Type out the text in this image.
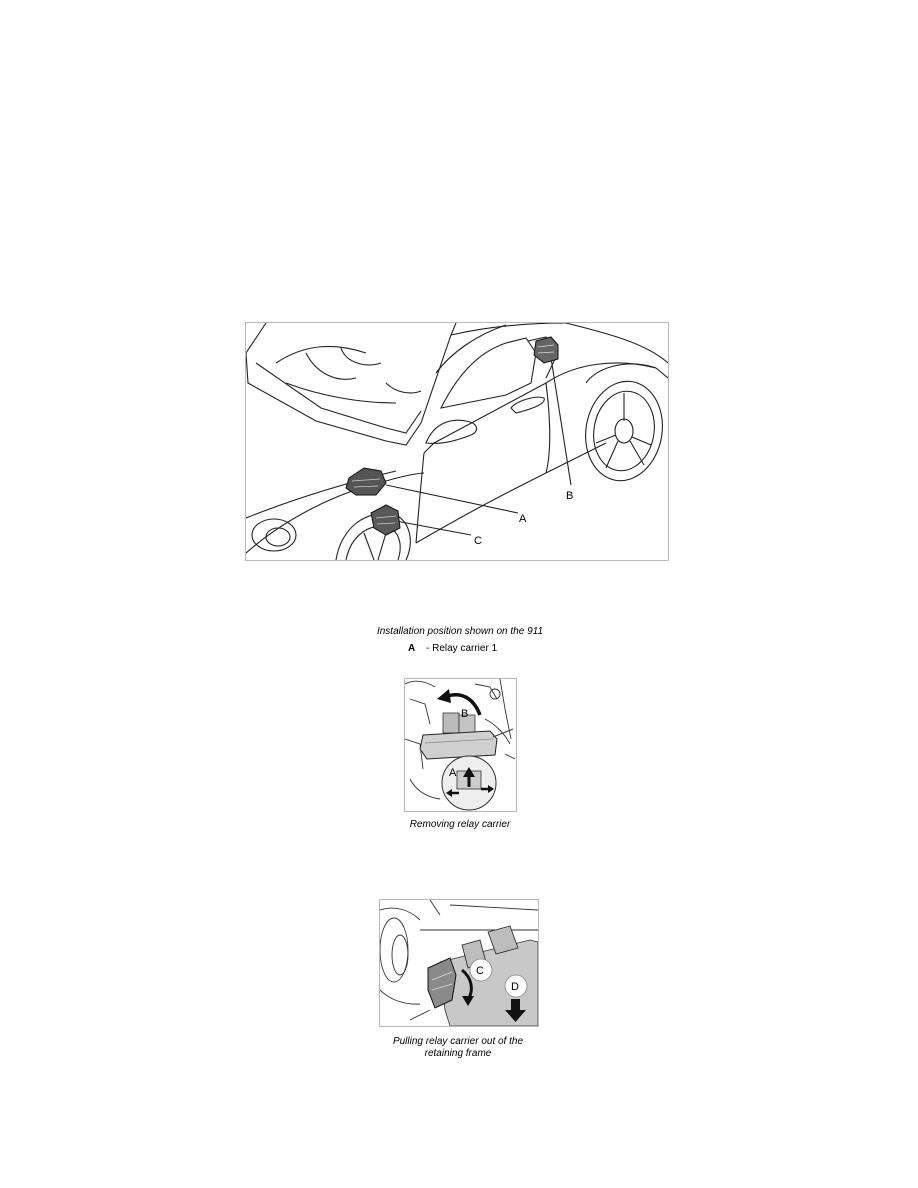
A
B
C
Installation position shown on the 911
A - Relay carrier 1
B
A
Removing relay carrier
C
D
Pulling relay carrier out of the
retaining frame
